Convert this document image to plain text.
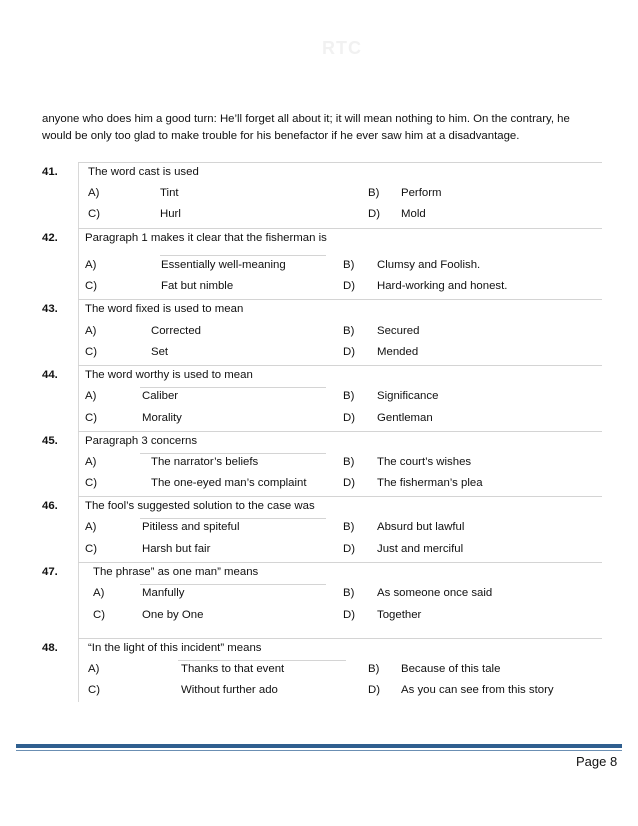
RTC
anyone who does him a good turn: He’ll forget all about it; it will mean nothing to him. On the contrary, he would be only too glad to make trouble for his benefactor if he ever saw him at a disadvantage.
41.	The word cast is used
A)	Tint	B) Perform
C)	Hurl	D) Mold
42. Paragraph 1 makes it clear that the fisherman is
A)	Essentially well-meaning	B) Clumsy and Foolish.
C)	Fat but nimble	D) Hard-working and honest.
43. The word fixed is used to mean
A)	Corrected	B) Secured
C)	Set	D) Mended
44. The word worthy is used to mean
A)	Caliber	B) Significance
C)	Morality	D) Gentleman
45. Paragraph 3 concerns
A)	The narrator’s beliefs	B) The court’s wishes
C)	The one-eyed man’s complaint	D) The fisherman’s plea
46. The fool’s suggested solution to the case was
A)	Pitiless and spiteful	B) Absurd but lawful
C)	Harsh but fair	D) Just and merciful
47.	The phrase” as one man” means
A)	Manfully	B) As someone once said
C)	One by One	D) Together
48.	“In the light of this incident” means
A)	Thanks to that event	B) Because of this tale
C)	Without further ado	D) As you can see from this story
Page 8
